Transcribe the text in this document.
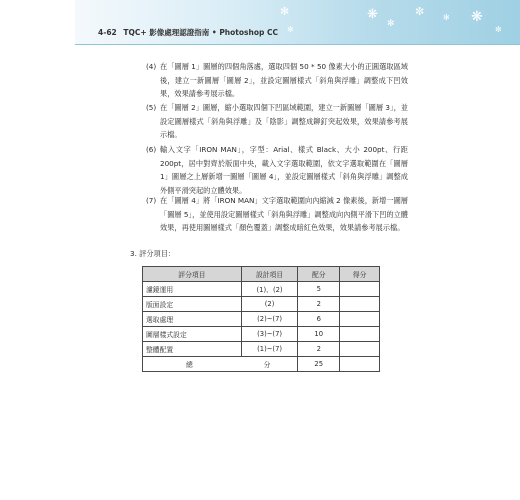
✻
✼
❋
✻
✼ ✻ ❋
✼
4-62 TQC+ 影像處理認證指南 • Photoshop CC
(4) 在「圖層 1」圖層的四個角落處，選取四個 50 * 50 像素大小的正圓選取區域後，建立一新圖層「圖層 2」，並設定圖層樣式「斜角與浮雕」調整成下凹效果，效果請參考展示檔。
(5) 在「圖層 2」圖層，縮小選取四個下凹區域範圍，建立一新圖層「圖層 3」，並設定圖層樣式「斜角與浮雕」及「陰影」調整成鉚釘突起效果，效果請參考展示檔。
(6) 輸入文字「IRON MAN」，字型：Arial、樣式 Black、大小 200pt、行距 200pt，居中對齊於版面中央，載入文字選取範圍，依文字選取範圍在「圖層 1」圖層之上層新增一圖層「圖層 4」，並設定圖層樣式「斜角與浮雕」調整成外側平滑突起的立體效果。
(7) 在「圖層 4」將「IRON MAN」文字選取範圍向內縮減 2 像素後，新增一圖層「圖層 5」，並使用設定圖層樣式「斜角與浮雕」調整成向內側平滑下凹的立體效果，再使用圖層樣式「顏色覆蓋」調整成暗紅色效果，效果請參考展示檔。
3. 評分項目：
評分項目	設計項目	配分	得分
濾鏡運用	(1)、(2)	5	
版面設定	(2)	2	
選取處理	(2)~(7)	6	
圖層樣式設定	(3)~(7)	10	
整體配置	(1)~(7)	2	

總 分		25	
